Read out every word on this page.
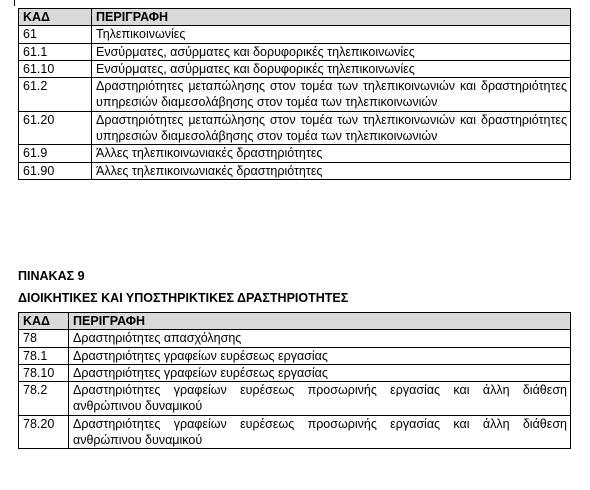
ΚΑΔ	ΠΕΡΙΓΡΑΦΗ
61	Τηλεπικοινωνίες
61.1	Ενσύρματες, ασύρματες και δορυφορικές τηλεπικοινωνίες
61.10	Ενσύρματες, ασύρματες και δορυφορικές τηλεπικοινωνίες
61.2	Δραστηριότητες μεταπώλησης στον τομέα των τηλεπικοινωνιών και δραστηριότητες υπηρεσιών διαμεσολάβησης στον τομέα των τηλεπικοινωνιών
61.20	Δραστηριότητες μεταπώλησης στον τομέα των τηλεπικοινωνιών και δραστηριότητες υπηρεσιών διαμεσολάβησης στον τομέα των τηλεπικοινωνιών
61.9	Άλλες τηλεπικοινωνιακές δραστηριότητες
61.90	Άλλες τηλεπικοινωνιακές δραστηριότητες

ΠΙΝΑΚΑΣ 9

ΔΙΟΙΚΗΤΙΚΕΣ ΚΑΙ ΥΠΟΣΤΗΡΙΚΤΙΚΕΣ ΔΡΑΣΤΗΡΙΟΤΗΤΕΣ

ΚΑΔ	ΠΕΡΙΓΡΑΦΗ
78	Δραστηριότητες απασχόλησης
78.1	Δραστηριότητες γραφείων ευρέσεως εργασίας
78.10	Δραστηριότητες γραφείων ευρέσεως εργασίας
78.2	Δραστηριότητες γραφείων ευρέσεως προσωρινής εργασίας και άλλη διάθεση ανθρώπινου δυναμικού
78.20	Δραστηριότητες γραφείων ευρέσεως προσωρινής εργασίας και άλλη διάθεση ανθρώπινου δυναμικού
